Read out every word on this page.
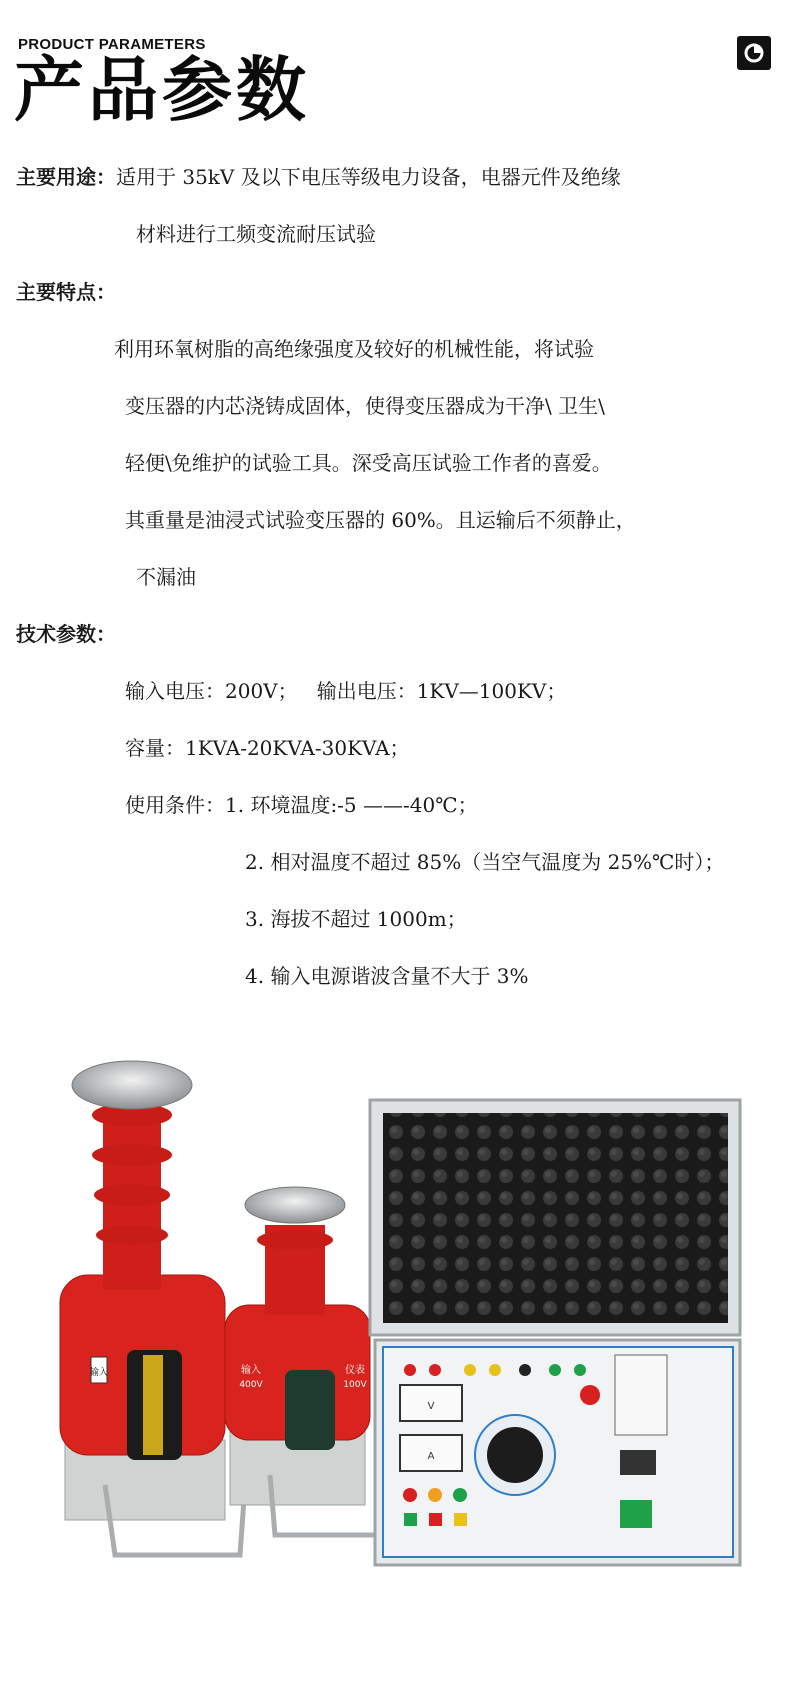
PRODUCT PARAMETERS
产品参数
主要用途：适用于 35kV 及以下电压等级电力设备，电器元件及绝缘
材料进行工频变流耐压试验
主要特点：
利用环氧树脂的高绝缘强度及较好的机械性能，将试验
变压器的内芯浇铸成固体，使得变压器成为干净\ 卫生\
轻便\免维护的试验工具。深受高压试验工作者的喜爱。
其重量是油浸式试验变压器的 60%。且运输后不须静止，
不漏油
技术参数：
输入电压：200V；   输出电压：1KV—100KV；
容量：1KVA-20KVA-30KVA；
使用条件：1. 环境温度:-5 ——-40℃；
2. 相对温度不超过 85%（当空气温度为 25%℃时）；
3. 海拔不超过 1000m；
4. 输入电源谐波含量不大于 3%
输入	输入
400V
仪表
100V
V
A
